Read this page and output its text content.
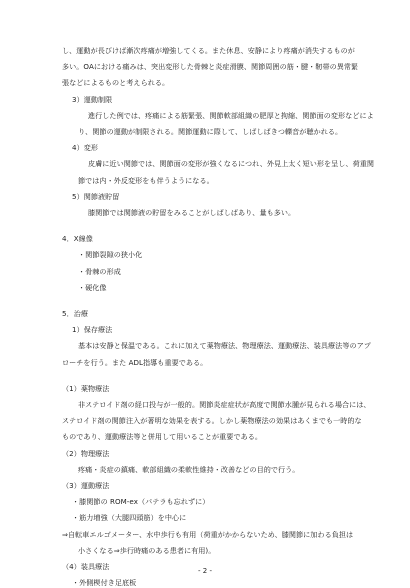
し、運動が長びけば漸次疼痛が増強してくる。また休息、安静により疼痛が消失するものが
多い。OAにおける痛みは、突出変形した骨棘と炎症滑膜、関節周囲の筋・腱・靭帯の異常緊
張などによるものと考えられる。
3）運動制限
進行した例では、疼痛による筋緊張、関節軟部組織の肥厚と拘縮、関節面の変形などによ
り、関節の運動が制限される。関節運動に際して、しばしばきつ轢音が聴かれる。
4）変形
皮膚に近い関節では、関節面の変形が強くなるにつれ、外見上太く短い形を呈し、荷重関
節では内・外反変形をも伴うようになる。
5）関節液貯留
膝関節では関節液の貯留をみることがしばしばあり、量も多い。
4．X線像
・関節裂隙の狭小化
・骨棘の形成
・硬化像
5．治療
1）保存療法
基本は安静と保温である。これに加えて薬物療法、物理療法、運動療法、装具療法等のアプ
ローチを行う。また ADL指導も重要である。
（1）薬物療法
非ステロイド剤の経口投与が一般的。関節炎症症状が高度で関節水腫が見られる場合には、
ステロイド剤の関節注入が著明な効果を表する。しかし薬物療法の効果はあくまでも一時的な
ものであり、運動療法等と併用して用いることが重要である。
（2）物理療法
疼痛・炎症の鎮痛、軟部組織の柔軟性維持・改善などの目的で行う。
（3）運動療法
・膝関節の ROM-ex（パテラも忘れずに）
・筋力増強（大腿四頭筋）を中心に
⇒自転車エルゴメーター、水中歩行も有用（荷重がかからないため、膝関節に加わる負担は
小さくなる⇒歩行時痛のある患者に有用)。
（4）装具療法
・外側楔付き足底板
- 2 -
